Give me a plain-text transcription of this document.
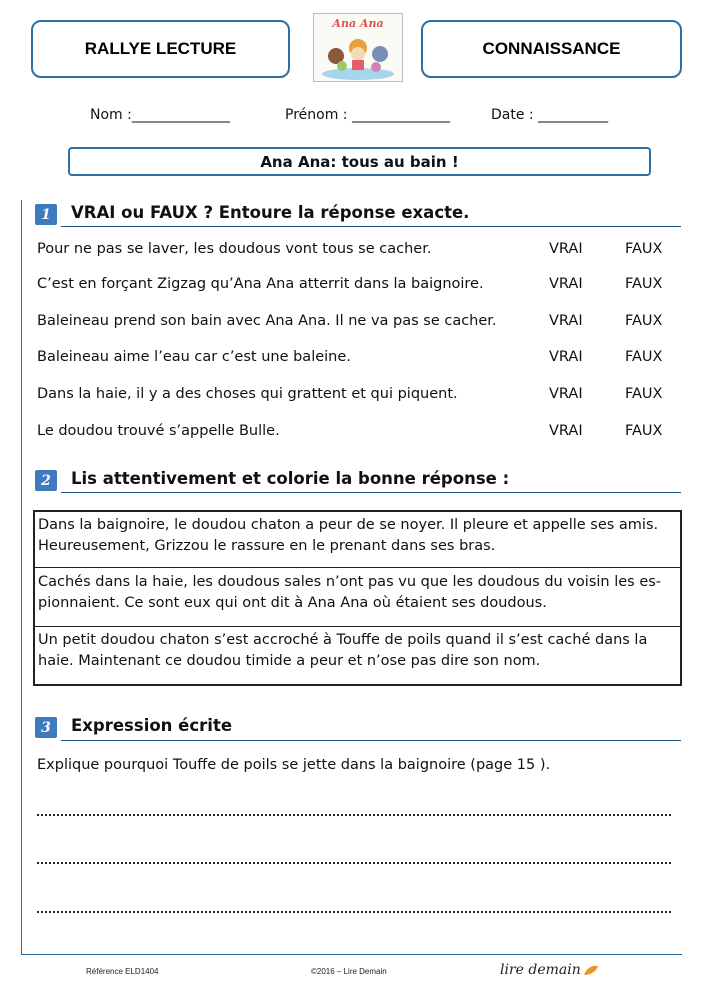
RALLYE LECTURE
Ana Ana
CONNAISSANCE
Nom :______________	Prénom : ______________	Date : __________
Ana Ana: tous au bain !
1 VRAI ou FAUX ? Entoure la réponse exacte.
Pour ne pas se laver, les doudous vont tous se cacher.	VRAI	FAUX
C’est en forçant Zigzag qu’Ana Ana atterrit dans la baignoire.	VRAI	FAUX
Baleineau prend son bain avec Ana Ana. Il ne va pas se cacher.	VRAI	FAUX
Baleineau aime l’eau car c’est une baleine.	VRAI	FAUX
Dans la haie, il y a des choses qui grattent et qui piquent.	VRAI	FAUX
Le doudou trouvé s’appelle Bulle.	VRAI	FAUX
2 Lis attentivement et colorie la bonne réponse :
Dans la baignoire, le doudou chaton a peur de se noyer. Il pleure et appelle ses amis.
Heureusement, Grizzou le rassure en le prenant dans ses bras.
Cachés dans la haie, les doudous sales n’ont pas vu que les doudous du voisin les es-
pionnaient. Ce sont eux qui ont dit à Ana Ana où étaient ses doudous.
Un petit doudou chaton s’est accroché à Touffe de poils quand il s’est caché dans la
haie. Maintenant ce doudou timide a peur et n’ose pas dire son nom.
3 Expression écrite
Explique pourquoi Touffe de poils se jette dans la baignoire (page 15 ).
Référence ELD1404	©2016 – Lire Demain	lire demain
